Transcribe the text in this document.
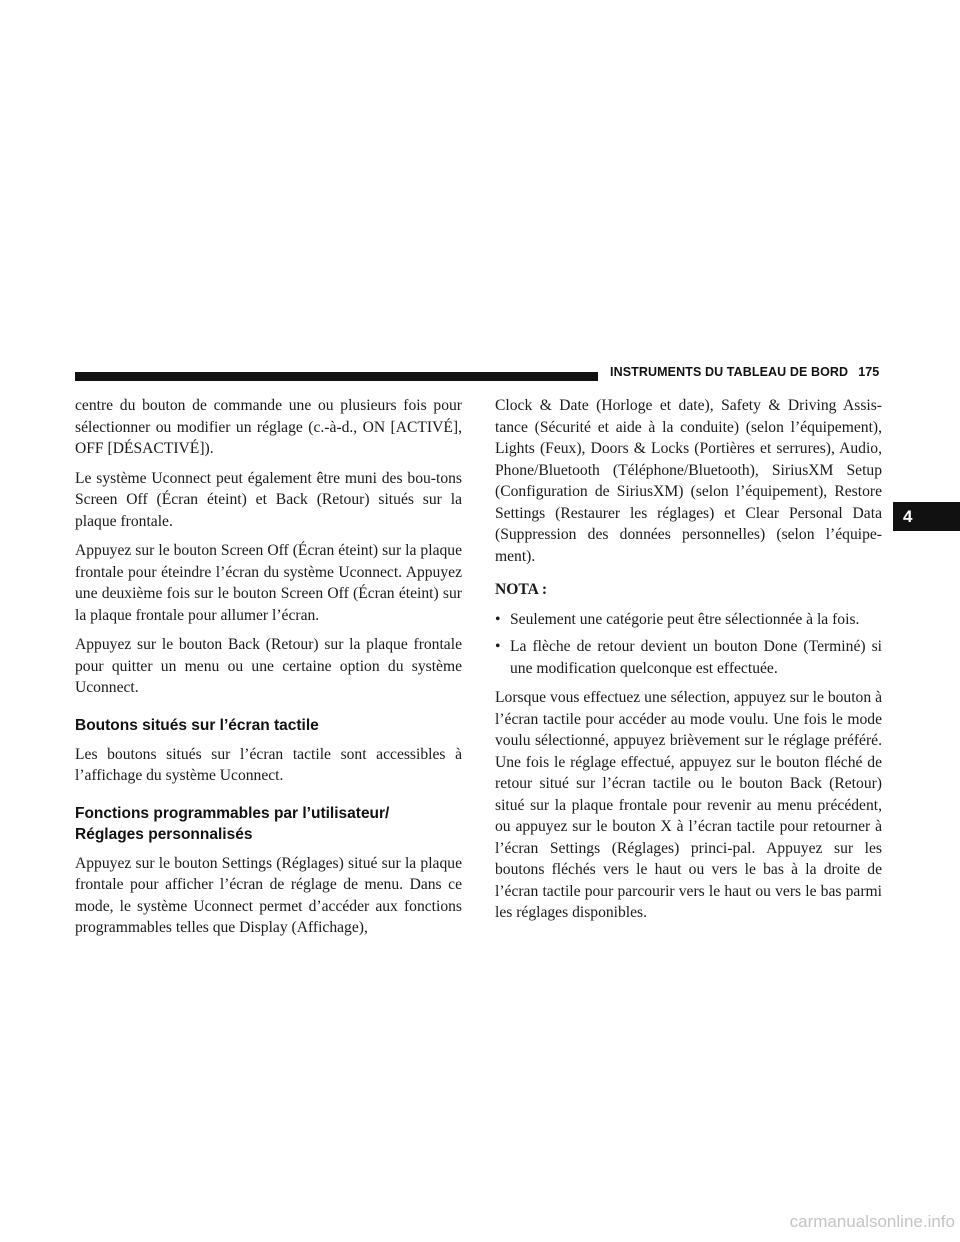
INSTRUMENTS DU TABLEAU DE BORD 175
4

centre du bouton de commande une ou plusieurs fois pour sélectionner ou modifier un réglage (c.-à-d., ON [ACTIVÉ], OFF [DÉSACTIVÉ]).

Le système Uconnect peut également être muni des bou-tons Screen Off (Écran éteint) et Back (Retour) situés sur la plaque frontale.

Appuyez sur le bouton Screen Off (Écran éteint) sur la plaque frontale pour éteindre l’écran du système Uconnect. Appuyez une deuxième fois sur le bouton Screen Off (Écran éteint) sur la plaque frontale pour allumer l’écran.

Appuyez sur le bouton Back (Retour) sur la plaque frontale pour quitter un menu ou une certaine option du système Uconnect.

Boutons situés sur l’écran tactile

Les boutons situés sur l’écran tactile sont accessibles à l’affichage du système Uconnect.

Fonctions programmables par l’utilisateur/
Réglages personnalisés

Appuyez sur le bouton Settings (Réglages) situé sur la plaque frontale pour afficher l’écran de réglage de menu. Dans ce mode, le système Uconnect permet d’accéder aux fonctions programmables telles que Display (Affichage),

Clock & Date (Horloge et date), Safety & Driving Assis-tance (Sécurité et aide à la conduite) (selon l’équipement), Lights (Feux), Doors & Locks (Portières et serrures), Audio, Phone/Bluetooth (Téléphone/Bluetooth), SiriusXM Setup (Configuration de SiriusXM) (selon l’équipement), Restore Settings (Restaurer les réglages) et Clear Personal Data (Suppression des données personnelles) (selon l’équipe-ment).

NOTA :

• Seulement une catégorie peut être sélectionnée à la fois.
• La flèche de retour devient un bouton Done (Terminé) si une modification quelconque est effectuée.

Lorsque vous effectuez une sélection, appuyez sur le bouton à l’écran tactile pour accéder au mode voulu. Une fois le mode voulu sélectionné, appuyez brièvement sur le réglage préféré. Une fois le réglage effectué, appuyez sur le bouton fléché de retour situé sur l’écran tactile ou le bouton Back (Retour) situé sur la plaque frontale pour revenir au menu précédent, ou appuyez sur le bouton X à l’écran tactile pour retourner à l’écran Settings (Réglages) princi-pal. Appuyez sur les boutons fléchés vers le haut ou vers le bas à la droite de l’écran tactile pour parcourir vers le haut ou vers le bas parmi les réglages disponibles.

carmanualsonline.info
